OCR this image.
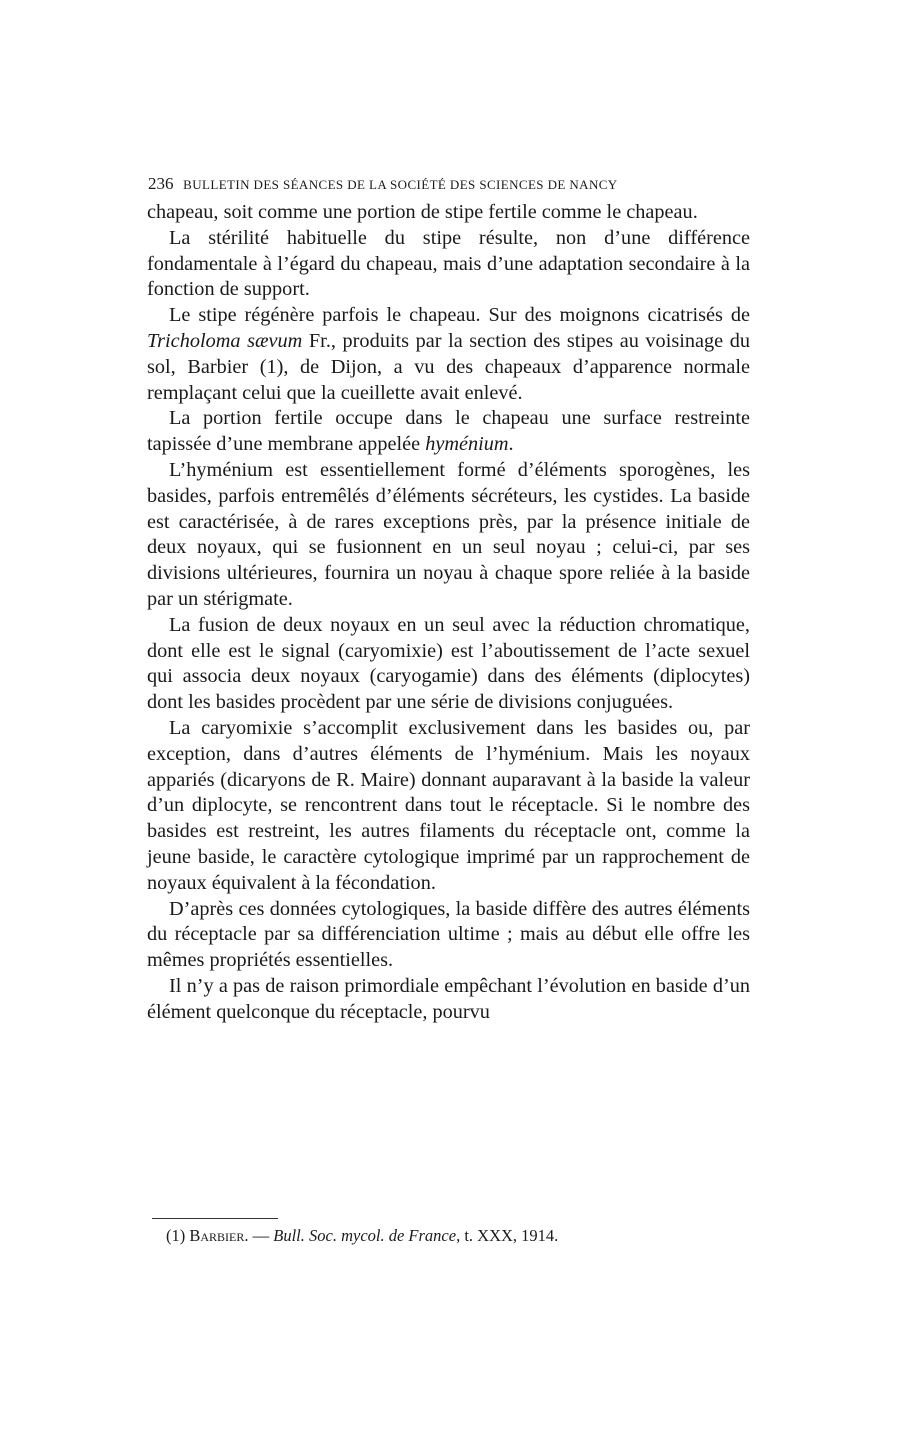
236 BULLETIN DES SÉANCES DE LA SOCIÉTÉ DES SCIENCES DE NANCY

chapeau, soit comme une portion de stipe fertile comme le chapeau.

La stérilité habituelle du stipe résulte, non d’une différence fondamentale à l’égard du chapeau, mais d’une adaptation secondaire à la fonction de support.

Le stipe régénère parfois le chapeau. Sur des moignons cicatrisés de Tricholoma sævum Fr., produits par la section des stipes au voisinage du sol, Barbier (1), de Dijon, a vu des chapeaux d’apparence normale remplaçant celui que la cueillette avait enlevé.

La portion fertile occupe dans le chapeau une surface restreinte tapissée d’une membrane appelée hyménium.

L’hyménium est essentiellement formé d’éléments sporogènes, les basides, parfois entremêlés d’éléments sécréteurs, les cystides. La baside est caractérisée, à de rares exceptions près, par la présence initiale de deux noyaux, qui se fusionnent en un seul noyau ; celui-ci, par ses divisions ultérieures, fournira un noyau à chaque spore reliée à la baside par un stérigmate.

La fusion de deux noyaux en un seul avec la réduction chromatique, dont elle est le signal (caryomixie) est l’aboutissement de l’acte sexuel qui associa deux noyaux (caryogamie) dans des éléments (diplocytes) dont les basides procèdent par une série de divisions conjuguées.

La caryomixie s’accomplit exclusivement dans les basides ou, par exception, dans d’autres éléments de l’hyménium. Mais les noyaux appariés (dicaryons de R. Maire) donnant auparavant à la baside la valeur d’un diplocyte, se rencontrent dans tout le réceptacle. Si le nombre des basides est restreint, les autres filaments du réceptacle ont, comme la jeune baside, le caractère cytologique imprimé par un rapprochement de noyaux équivalent à la fécondation.

D’après ces données cytologiques, la baside diffère des autres éléments du réceptacle par sa différenciation ultime ; mais au début elle offre les mêmes propriétés essentielles.

Il n’y a pas de raison primordiale empêchant l’évolution en baside d’un élément quelconque du réceptacle, pourvu

(1) Barbier. — Bull. Soc. mycol. de France, t. XXX, 1914.
